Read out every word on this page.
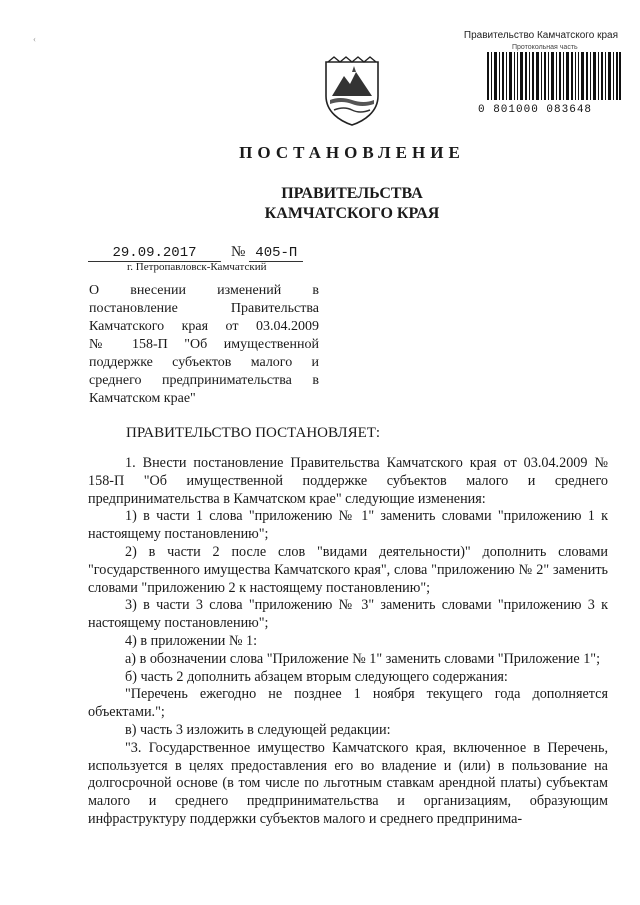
‹	Правительство Камчатского края
Протокольная часть
0 801000 083648
ПОСТАНОВЛЕНИЕ
ПРАВИТЕЛЬСТВА
КАМЧАТСКОГО КРАЯ
29.09.2017 № 405-П
г. Петропавловск-Камчатский
О внесении изменений в
постановление Правительства
Камчатского края от 03.04.2009
№ 158-П "Об имущественной
поддержке субъектов малого и
среднего предпринимательства в
Камчатском крае"
ПРАВИТЕЛЬСТВО ПОСТАНОВЛЯЕТ:

1. Внести постановление Правительства Камчатского края от 03.04.2009 № 158-П "Об имущественной поддержке субъектов малого и среднего предпринимательства в Камчатском крае" следующие изменения:

1) в части 1 слова "приложению № 1" заменить словами "приложению 1 к настоящему постановлению";

2) в части 2 после слов "видами деятельности)" дополнить словами "государственного имущества Камчатского края", слова "приложению № 2" заменить словами "приложению 2 к настоящему постановлению";

3) в части 3 слова "приложению № 3" заменить словами "приложению 3 к настоящему постановлению";

4) в приложении № 1:

а) в обозначении слова "Приложение № 1" заменить словами "Приложение 1";

б) часть 2 дополнить абзацем вторым следующего содержания:

"Перечень ежегодно не позднее 1 ноября текущего года дополняется объектами.";

в) часть 3 изложить в следующей редакции:

"3. Государственное имущество Камчатского края, включенное в Перечень, используется в целях предоставления его во владение и (или) в пользование на долгосрочной основе (в том числе по льготным ставкам арендной платы) субъектам малого и среднего предпринимательства и организациям, образующим инфраструктуру поддержки субъектов малого и среднего предпринима-
